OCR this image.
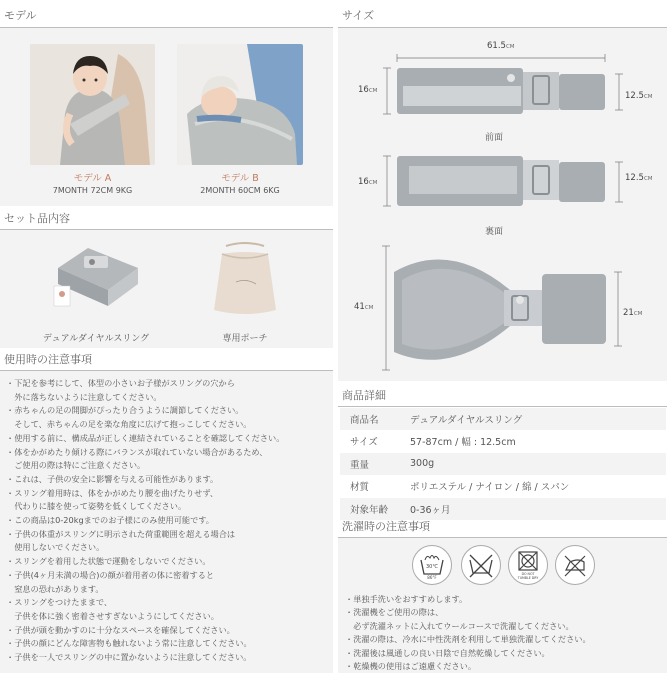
モデル
モデル A
7MONTH 72CM 9KG
モデル B
2MONTH 60CM 6KG
セット品内容
デュアルダイヤルスリング	専用ポーチ
使用時の注意事項
・下記を参考にして、体型の小さいお子様がスリングの穴から
　外に落ちないように注意してください。
・赤ちゃんの足の開脚がぴったり合うように調節してください。
　そして、赤ちゃんの足を楽な角度に広げて抱っこしてください。
・使用する前に、構成品が正しく連結されていることを確認してください。
・体をかがめたり傾ける際にバランスが取れていない場合があるため、
　ご使用の際は特にご注意ください。
・これは、子供の安全に影響を与える可能性があります。
・スリング着用時は、体をかがめたり腰を曲げたりせず、
　代わりに膝を使って姿勢を低くしてください。
・この商品は0-20kgまでのお子様にのみ使用可能です。
・子供の体重がスリングに明示された荷重範囲を超える場合は
　使用しないでください。
・スリングを着用した状態で運動をしないでください。
・子供(4ヶ月未満の場合)の顔が着用者の体に密着すると
　窒息の恐れがあります。
・スリングをつけたままで、
　子供を体に強く密着させすぎないようにしてください。
・子供が頭を動かすのに十分なスペースを確保してください。
・子供の顔にどんな障害物も触れないよう常に注意してください。
・子供を一人でスリングの中に置かないように注意してください。
サイズ
61.5CM
16CM	12.5CM
前面
16CM	12.5CM
裏面
41CM	21CM
商品詳細
商品名	デュアルダイヤルスリング
サイズ	57-87cm / 幅 : 12.5cm
重量	300g
材質	ポリエステル / ナイロン / 綿 / スパン
対象年齢	0-36ヶ月
洗濯時の注意事項
30℃
86°F
DO NOT
TUMBLE DRY
・単独手洗いをおすすめします。
・洗濯機をご使用の際は、
　必ず洗濯ネットに入れてウールコースで洗濯してください。
・洗濯の際は、冷水に中性洗剤を利用して単独洗濯してください。
・洗濯後は風通しの良い日陰で自然乾燥してください。
・乾燥機の使用はご遠慮ください。
